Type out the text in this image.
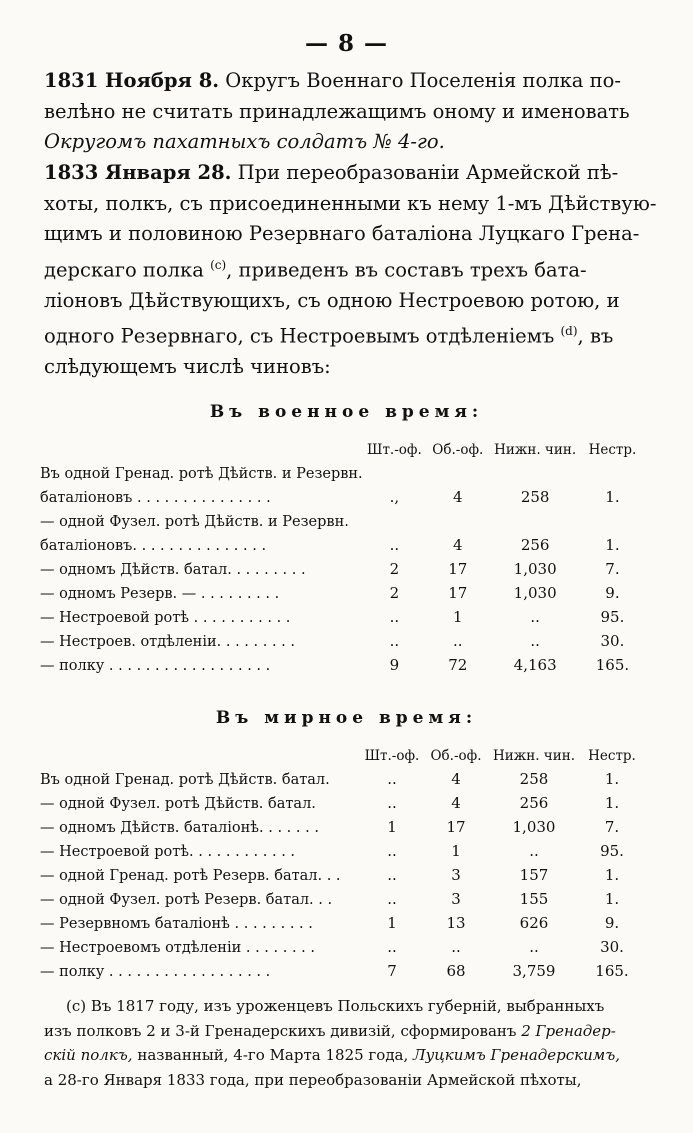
— 8 —
1831 Ноября 8. Округъ Военнаго Поселенія полка по-
велѣно не считать принадлежащимъ оному и именовать
Округомъ пахатныхъ солдатъ № 4-го.
1833 Января 28. При переобразованіи Армейской пѣ-
хоты, полкъ, съ присоединенными къ нему 1-мъ Дѣйствую-
щимъ и половиною Резервнаго баталіона Луцкаго Грена-
дерскаго полка $^{(c)}$, приведенъ въ составъ трехъ бата-
ліоновъ Дѣйствующихъ, съ одною Нестроевою ротою, и
одного Резервнаго, съ Нестроевымъ отдѣленіемъ $^{(d)}$, въ
слѣдующемъ числѣ чиновъ:
Въ военное время:
	Шт.-оф.	Об.-оф.	Нижн. чин.	Нестр.
Въ одной Гренад. ротѣ Дѣйств. и Резервн.				
баталіоновъ . . . . . . . . . . . . . . .	.,	4	258	1.
— одной Фузел. ротѣ Дѣйств. и Резервн.				
баталіоновъ. . . . . . . . . . . . . . .	..	4	256	1.
— одномъ Дѣйств. батал. . . . . . . . .	2	17	1,030	7.
— одномъ Резерв. — . . . . . . . . .	2	17	1,030	9.
— Нестроевой ротѣ . . . . . . . . . . .	..	1	..	95.
— Нестроев. отдѣленіи. . . . . . . . .	..	..	..	30.
— полку . . . . . . . . . . . . . . . . . .	9	72	4,163	165.
Въ мирное время:
	Шт.-оф.	Об.-оф.	Нижн. чин.	Нестр.
Въ одной Гренад. ротѣ Дѣйств. батал.	..	4	258	1.
— одной Фузел. ротѣ Дѣйств. батал.	..	4	256	1.
— одномъ Дѣйств. баталіонѣ. . . . . . .	1	17	1,030	7.
— Нестроевой ротѣ. . . . . . . . . . . .	..	1	..	95.
— одной Гренад. ротѣ Резерв. батал. . .	..	3	157	1.
— одной Фузел. ротѣ Резерв. батал. . .	..	3	155	1.
— Резервномъ баталіонѣ . . . . . . . . .	1	13	626	9.
— Нестроевомъ отдѣленіи . . . . . . . .	..	..	..	30.
— полку . . . . . . . . . . . . . . . . . .	7	68	3,759	165.
(c) Въ 1817 году, изъ уроженцевъ Польскихъ губерній, выбранныхъ
изъ полковъ 2 и 3-й Гренадерскихъ дивизій, сформированъ 2 Гренадер-
скій полкъ, названный, 4-го Марта 1825 года, Луцкимъ Гренадерскимъ,
а 28-го Января 1833 года, при переобразованіи Армейской пѣхоты,
